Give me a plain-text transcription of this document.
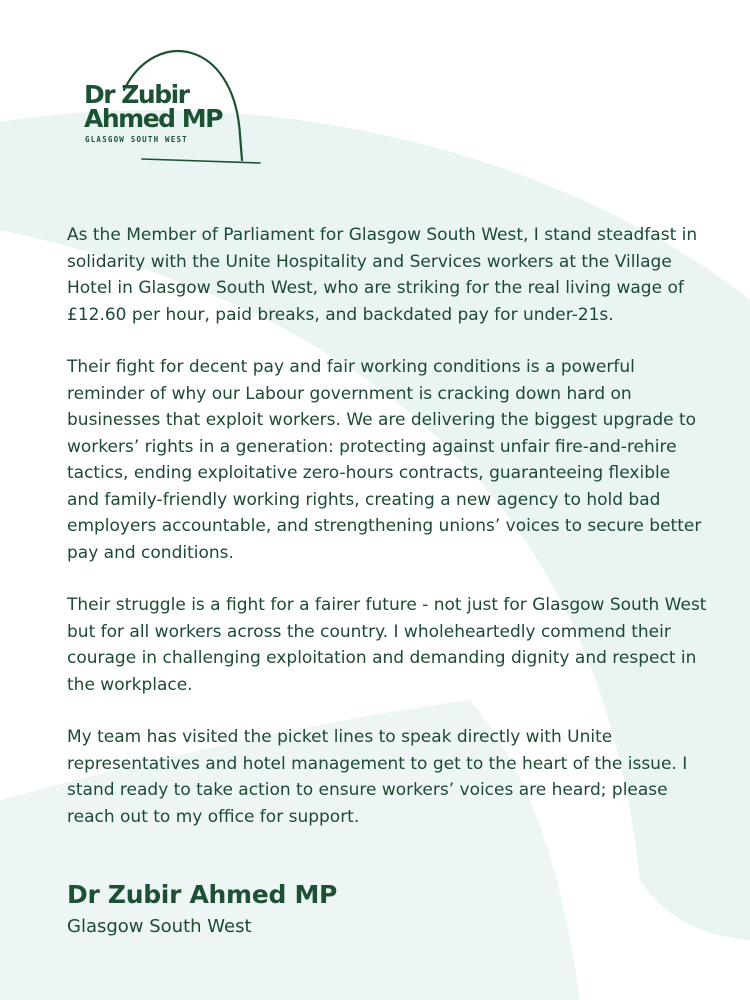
Dr Zubir
Ahmed MP
GLASGOW SOUTH WEST

As the Member of Parliament for Glasgow South West, I stand steadfast in solidarity with the Unite Hospitality and Services workers at the Village Hotel in Glasgow South West, who are striking for the real living wage of £12.60 per hour, paid breaks, and backdated pay for under-21s.

Their fight for decent pay and fair working conditions is a powerful reminder of why our Labour government is cracking down hard on businesses that exploit workers. We are delivering the biggest upgrade to workers’ rights in a generation: protecting against unfair fire-and-rehire tactics, ending exploitative zero-hours contracts, guaranteeing flexible and family-friendly working rights, creating a new agency to hold bad employers accountable, and strengthening unions’ voices to secure better pay and conditions.

Their struggle is a fight for a fairer future - not just for Glasgow South West but for all workers across the country. I wholeheartedly commend their courage in challenging exploitation and demanding dignity and respect in the workplace.

My team has visited the picket lines to speak directly with Unite representatives and hotel management to get to the heart of the issue. I stand ready to take action to ensure workers’ voices are heard; please reach out to my office for support.

Dr Zubir Ahmed MP
Glasgow South West
